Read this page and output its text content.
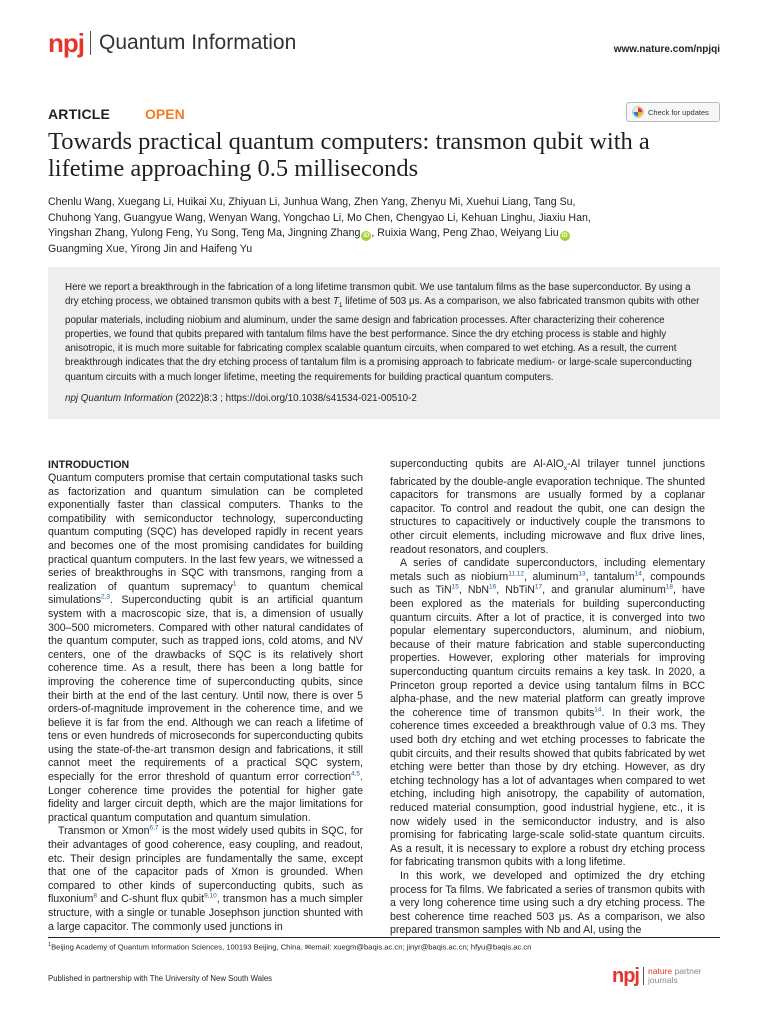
npj Quantum Information	www.nature.com/npjqi
ARTICLE OPEN	Check for updates
Towards practical quantum computers: transmon qubit with a lifetime approaching 0.5 milliseconds
Chenlu Wang, Xuegang Li, Huikai Xu, Zhiyuan Li, Junhua Wang, Zhen Yang, Zhenyu Mi, Xuehui Liang, Tang Su,
Chuhong Yang, Guangyue Wang, Wenyan Wang, Yongchao Li, Mo Chen, Chengyao Li, Kehuan Linghu, Jiaxiu Han,
Yingshan Zhang, Yulong Feng, Yu Song, Teng Ma, Jingning Zhang iD , Ruixia Wang, Peng Zhao, Weiyang Liu iD
Guangming Xue, Yirong Jin and Haifeng Yu

Here we report a breakthrough in the fabrication of a long lifetime transmon qubit. We use tantalum films as the base superconductor. By using a dry etching process, we obtained transmon qubits with a best $T_1$ lifetime of 503 μs. As a comparison, we also fabricated transmon qubits with other popular materials, including niobium and aluminum, under the same design and fabrication processes. After characterizing their coherence properties, we found that qubits prepared with tantalum films have the best performance. Since the dry etching process is stable and highly anisotropic, it is much more suitable for fabricating complex scalable quantum circuits, when compared to wet etching. As a result, the current breakthrough indicates that the dry etching process of tantalum film is a promising approach to fabricate medium- or large-scale superconducting quantum circuits with a much longer lifetime, meeting the requirements for building practical quantum computers.

npj Quantum Information (2022)8:3 ; https://doi.org/10.1038/s41534-021-00510-2

INTRODUCTION

Quantum computers promise that certain computational tasks such as factorization and quantum simulation can be completed exponentially faster than classical computers. Thanks to the compatibility with semiconductor technology, superconducting quantum computing (SQC) has developed rapidly in recent years and becomes one of the most promising candidates for building practical quantum computers. In the last few years, we witnessed a series of breakthroughs in SQC with transmons, ranging from a realization of quantum supremacy$^1$ to quantum chemical simulations$^{2,3}$. Superconducting qubit is an artificial quantum system with a macroscopic size, that is, a dimension of usually 300–500 micrometers. Compared with other natural candidates of the quantum computer, such as trapped ions, cold atoms, and NV centers, one of the drawbacks of SQC is its relatively short coherence time. As a result, there has been a long battle for improving the coherence time of superconducting qubits, since their birth at the end of the last century. Until now, there is over 5 orders-of-magnitude improvement in the coherence time, and we believe it is far from the end. Although we can reach a lifetime of tens or even hundreds of microseconds for superconducting qubits using the state-of-the-art transmon design and fabrications, it still cannot meet the requirements of a practical SQC system, especially for the error threshold of quantum error correction$^{4,5}$. Longer coherence time provides the potential for higher gate fidelity and larger circuit depth, which are the major limitations for practical quantum computation and quantum simulation.

Transmon or Xmon$^{6,7}$ is the most widely used qubits in SQC, for their advantages of good coherence, easy coupling, and readout, etc. Their design principles are fundamentally the same, except that one of the capacitor pads of Xmon is grounded. When compared to other kinds of superconducting qubits, such as fluxonium$^8$ and C-shunt flux qubit$^{9,10}$, transmon has a much simpler structure, with a single or tunable Josephson junction shunted with a large capacitor. The commonly used junctions in

superconducting qubits are Al-AlO$_x$-Al trilayer tunnel junctions fabricated by the double-angle evaporation technique. The shunted capacitors for transmons are usually formed by a coplanar capacitor. To control and readout the qubit, one can design the structures to capacitively or inductively couple the transmons to other circuit elements, including microwave and flux drive lines, readout resonators, and couplers.

A series of candidate superconductors, including elementary metals such as niobium$^{11,12}$, aluminum$^{13}$, tantalum$^{14}$, compounds such as TiN$^{15}$, NbN$^{16}$, NbTiN$^{17}$, and granular aluminum$^{18}$, have been explored as the materials for building superconducting quantum circuits. After a lot of practice, it is converged into two popular elementary superconductors, aluminum, and niobium, because of their mature fabrication and stable superconducting properties. However, exploring other materials for improving superconducting quantum circuits remains a key task. In 2020, a Princeton group reported a device using tantalum films in BCC alpha-phase, and the new material platform can greatly improve the coherence time of transmon qubits$^{14}$. In their work, the coherence times exceeded a breakthrough value of 0.3 ms. They used both dry etching and wet etching processes to fabricate the qubit circuits, and their results showed that qubits fabricated by wet etching were better than those by dry etching. However, as dry etching technology has a lot of advantages when compared to wet etching, including high anisotropy, the capability of automation, reduced material consumption, good industrial hygiene, etc., it is now widely used in the semiconductor industry, and is also promising for fabricating large-scale solid-state quantum circuits. As a result, it is necessary to explore a robust dry etching process for fabricating transmon qubits with a long lifetime.

In this work, we developed and optimized the dry etching process for Ta films. We fabricated a series of transmon qubits with a very long coherence time using such a dry etching process. The best coherence time reached 503 μs. As a comparison, we also prepared transmon samples with Nb and Al, using the

$^1$Beijing Academy of Quantum Information Sciences, 100193 Beijing, China. ✉email: xuegm@baqis.ac.cn; jinyr@baqis.ac.cn; hfyu@baqis.ac.cn
Published in partnership with The University of New South Wales	npj nature partner
journals
